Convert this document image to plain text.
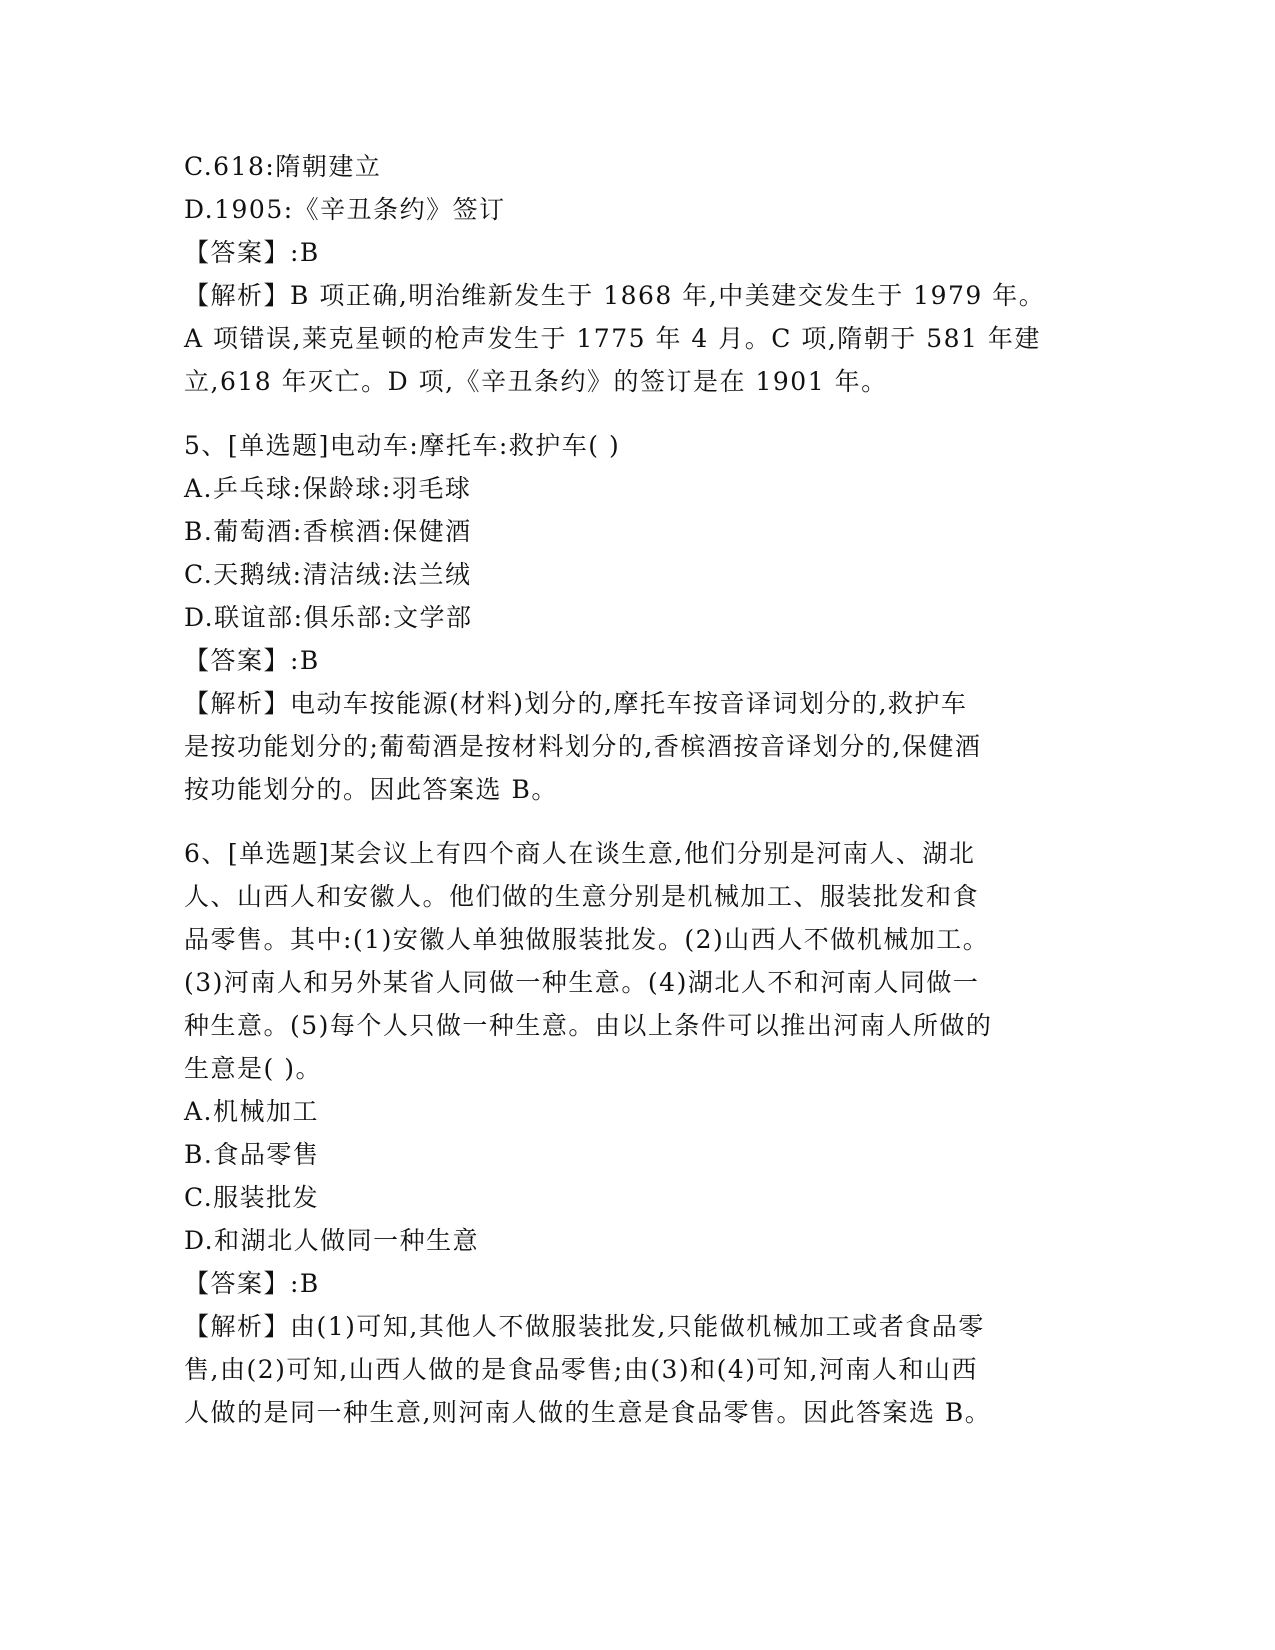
C.618:隋朝建立
D.1905:《辛丑条约》签订
【答案】:B
【解析】B 项正确,明治维新发生于 1868 年,中美建交发生于 1979 年。
A 项错误,莱克星顿的枪声发生于 1775 年 4 月。C 项,隋朝于 581 年建
立,618 年灭亡。D 项,《辛丑条约》的签订是在 1901 年。
5、[单选题]电动车:摩托车:救护车( )
A.乒乓球:保龄球:羽毛球
B.葡萄酒:香槟酒:保健酒
C.天鹅绒:清洁绒:法兰绒
D.联谊部:俱乐部:文学部
【答案】:B
【解析】电动车按能源(材料)划分的,摩托车按音译词划分的,救护车
是按功能划分的;葡萄酒是按材料划分的,香槟酒按音译划分的,保健酒
按功能划分的。因此答案选 B。
6、[单选题]某会议上有四个商人在谈生意,他们分别是河南人、湖北
人、山西人和安徽人。他们做的生意分别是机械加工、服装批发和食
品零售。其中:(1)安徽人单独做服装批发。(2)山西人不做机械加工。
(3)河南人和另外某省人同做一种生意。(4)湖北人不和河南人同做一
种生意。(5)每个人只做一种生意。由以上条件可以推出河南人所做的
生意是( )。
A.机械加工
B.食品零售
C.服装批发
D.和湖北人做同一种生意
【答案】:B
【解析】由(1)可知,其他人不做服装批发,只能做机械加工或者食品零
售,由(2)可知,山西人做的是食品零售;由(3)和(4)可知,河南人和山西
人做的是同一种生意,则河南人做的生意是食品零售。因此答案选 B。
